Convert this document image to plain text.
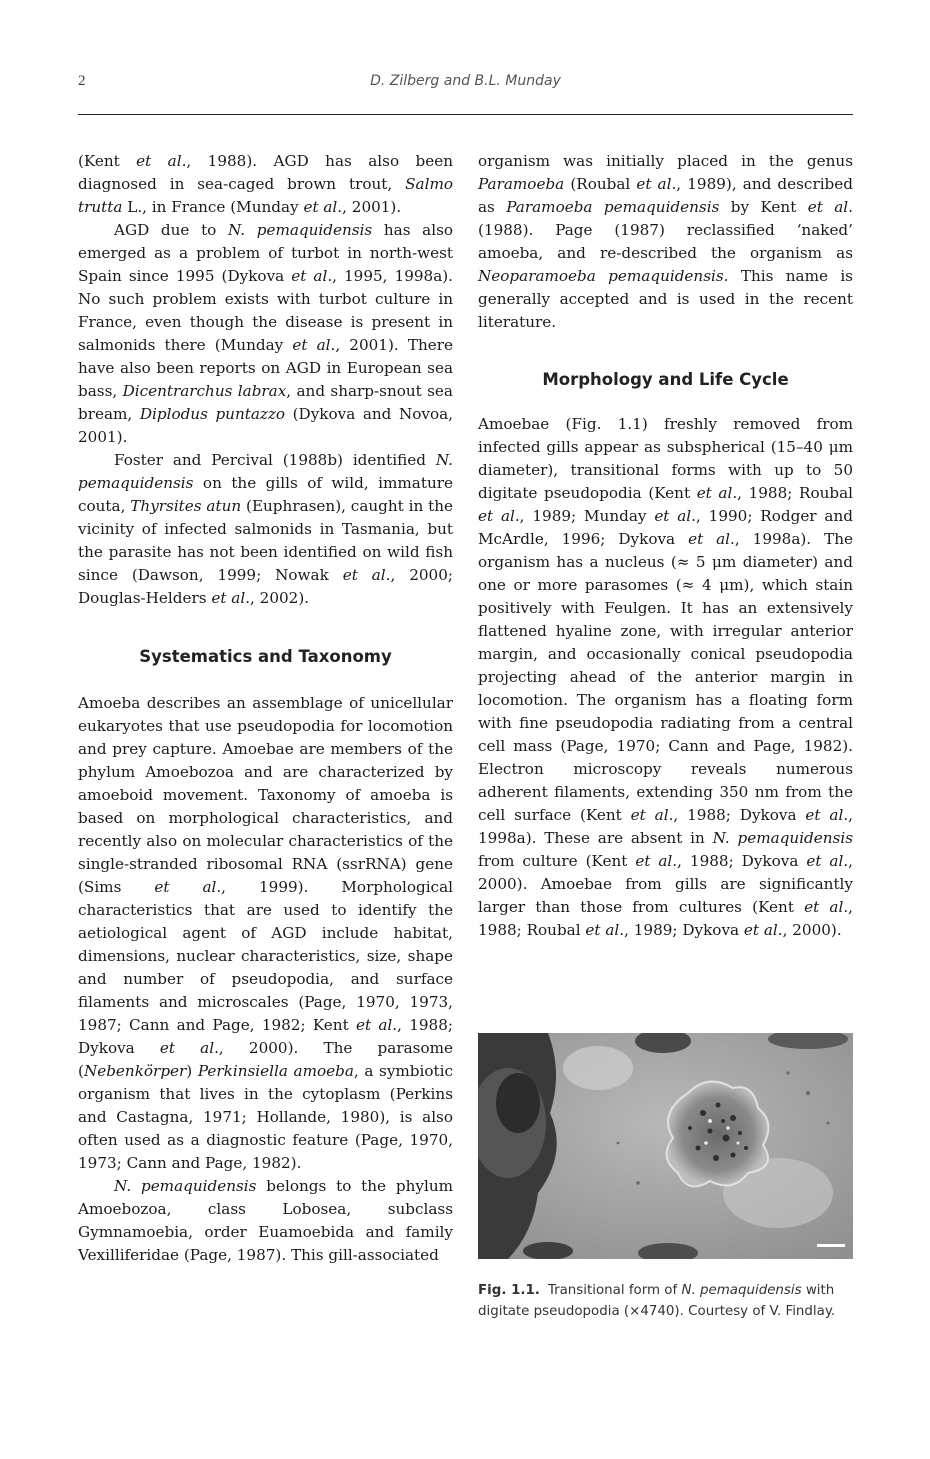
2	D. Zilberg and B.L. Munday

(Kent et al., 1988). AGD has also been diagnosed in sea-caged brown trout, Salmo trutta L., in France (Munday et al., 2001).

AGD due to N. pemaquidensis has also emerged as a problem of turbot in north-west Spain since 1995 (Dykova et al., 1995, 1998a). No such problem exists with turbot culture in France, even though the disease is present in salmonids there (Munday et al., 2001). There have also been reports on AGD in European sea bass, Dicentrarchus labrax, and sharp-snout sea bream, Diplodus puntazzo (Dykova and Novoa, 2001).

Foster and Percival (1988b) identified N. pemaquidensis on the gills of wild, immature couta, Thyrsites atun (Euphrasen), caught in the vicinity of infected salmonids in Tasmania, but the parasite has not been identified on wild fish since (Dawson, 1999; Nowak et al., 2000; Douglas-Helders et al., 2002).

Systematics and Taxonomy

Amoeba describes an assemblage of unicellular eukaryotes that use pseudopodia for locomotion and prey capture. Amoebae are members of the phylum Amoebozoa and are characterized by amoeboid movement. Taxonomy of amoeba is based on morphological characteristics, and recently also on molecular characteristics of the single-stranded ribosomal RNA (ssrRNA) gene (Sims et al., 1999). Morphological characteristics that are used to identify the aetiological agent of AGD include habitat, dimensions, nuclear characteristics, size, shape and number of pseudopodia, and surface filaments and microscales (Page, 1970, 1973, 1987; Cann and Page, 1982; Kent et al., 1988; Dykova et al., 2000). The parasome (Nebenkörper) Perkinsiella amoeba, a symbiotic organism that lives in the cytoplasm (Perkins and Castagna, 1971; Hollande, 1980), is also often used as a diagnostic feature (Page, 1970, 1973; Cann and Page, 1982).

N. pemaquidensis belongs to the phylum Amoebozoa, class Lobosea, subclass Gymnamoebia, order Euamoebida and family Vexilliferidae (Page, 1987). This gill-associated

organism was initially placed in the genus Paramoeba (Roubal et al., 1989), and described as Paramoeba pemaquidensis by Kent et al. (1988). Page (1987) reclassified ‘naked’ amoeba, and re-described the organism as Neoparamoeba pemaquidensis. This name is generally accepted and is used in the recent literature.

Morphology and Life Cycle

Amoebae (Fig. 1.1) freshly removed from infected gills appear as subspherical (15–40 μm diameter), transitional forms with up to 50 digitate pseudopodia (Kent et al., 1988; Roubal et al., 1989; Munday et al., 1990; Rodger and McArdle, 1996; Dykova et al., 1998a). The organism has a nucleus (≈ 5 μm diameter) and one or more parasomes (≈ 4 μm), which stain positively with Feulgen. It has an extensively flattened hyaline zone, with irregular anterior margin, and occasionally conical pseudopodia projecting ahead of the anterior margin in locomotion. The organism has a floating form with fine pseudopodia radiating from a central cell mass (Page, 1970; Cann and Page, 1982). Electron microscopy reveals numerous adherent filaments, extending 350 nm from the cell surface (Kent et al., 1988; Dykova et al., 1998a). These are absent in N. pemaquidensis from culture (Kent et al., 1988; Dykova et al., 2000). Amoebae from gills are significantly larger than those from cultures (Kent et al., 1988; Roubal et al., 1989; Dykova et al., 2000).

Fig. 1.1. Transitional form of N. pemaquidensis with digitate pseudopodia (×4740). Courtesy of V. Findlay.
